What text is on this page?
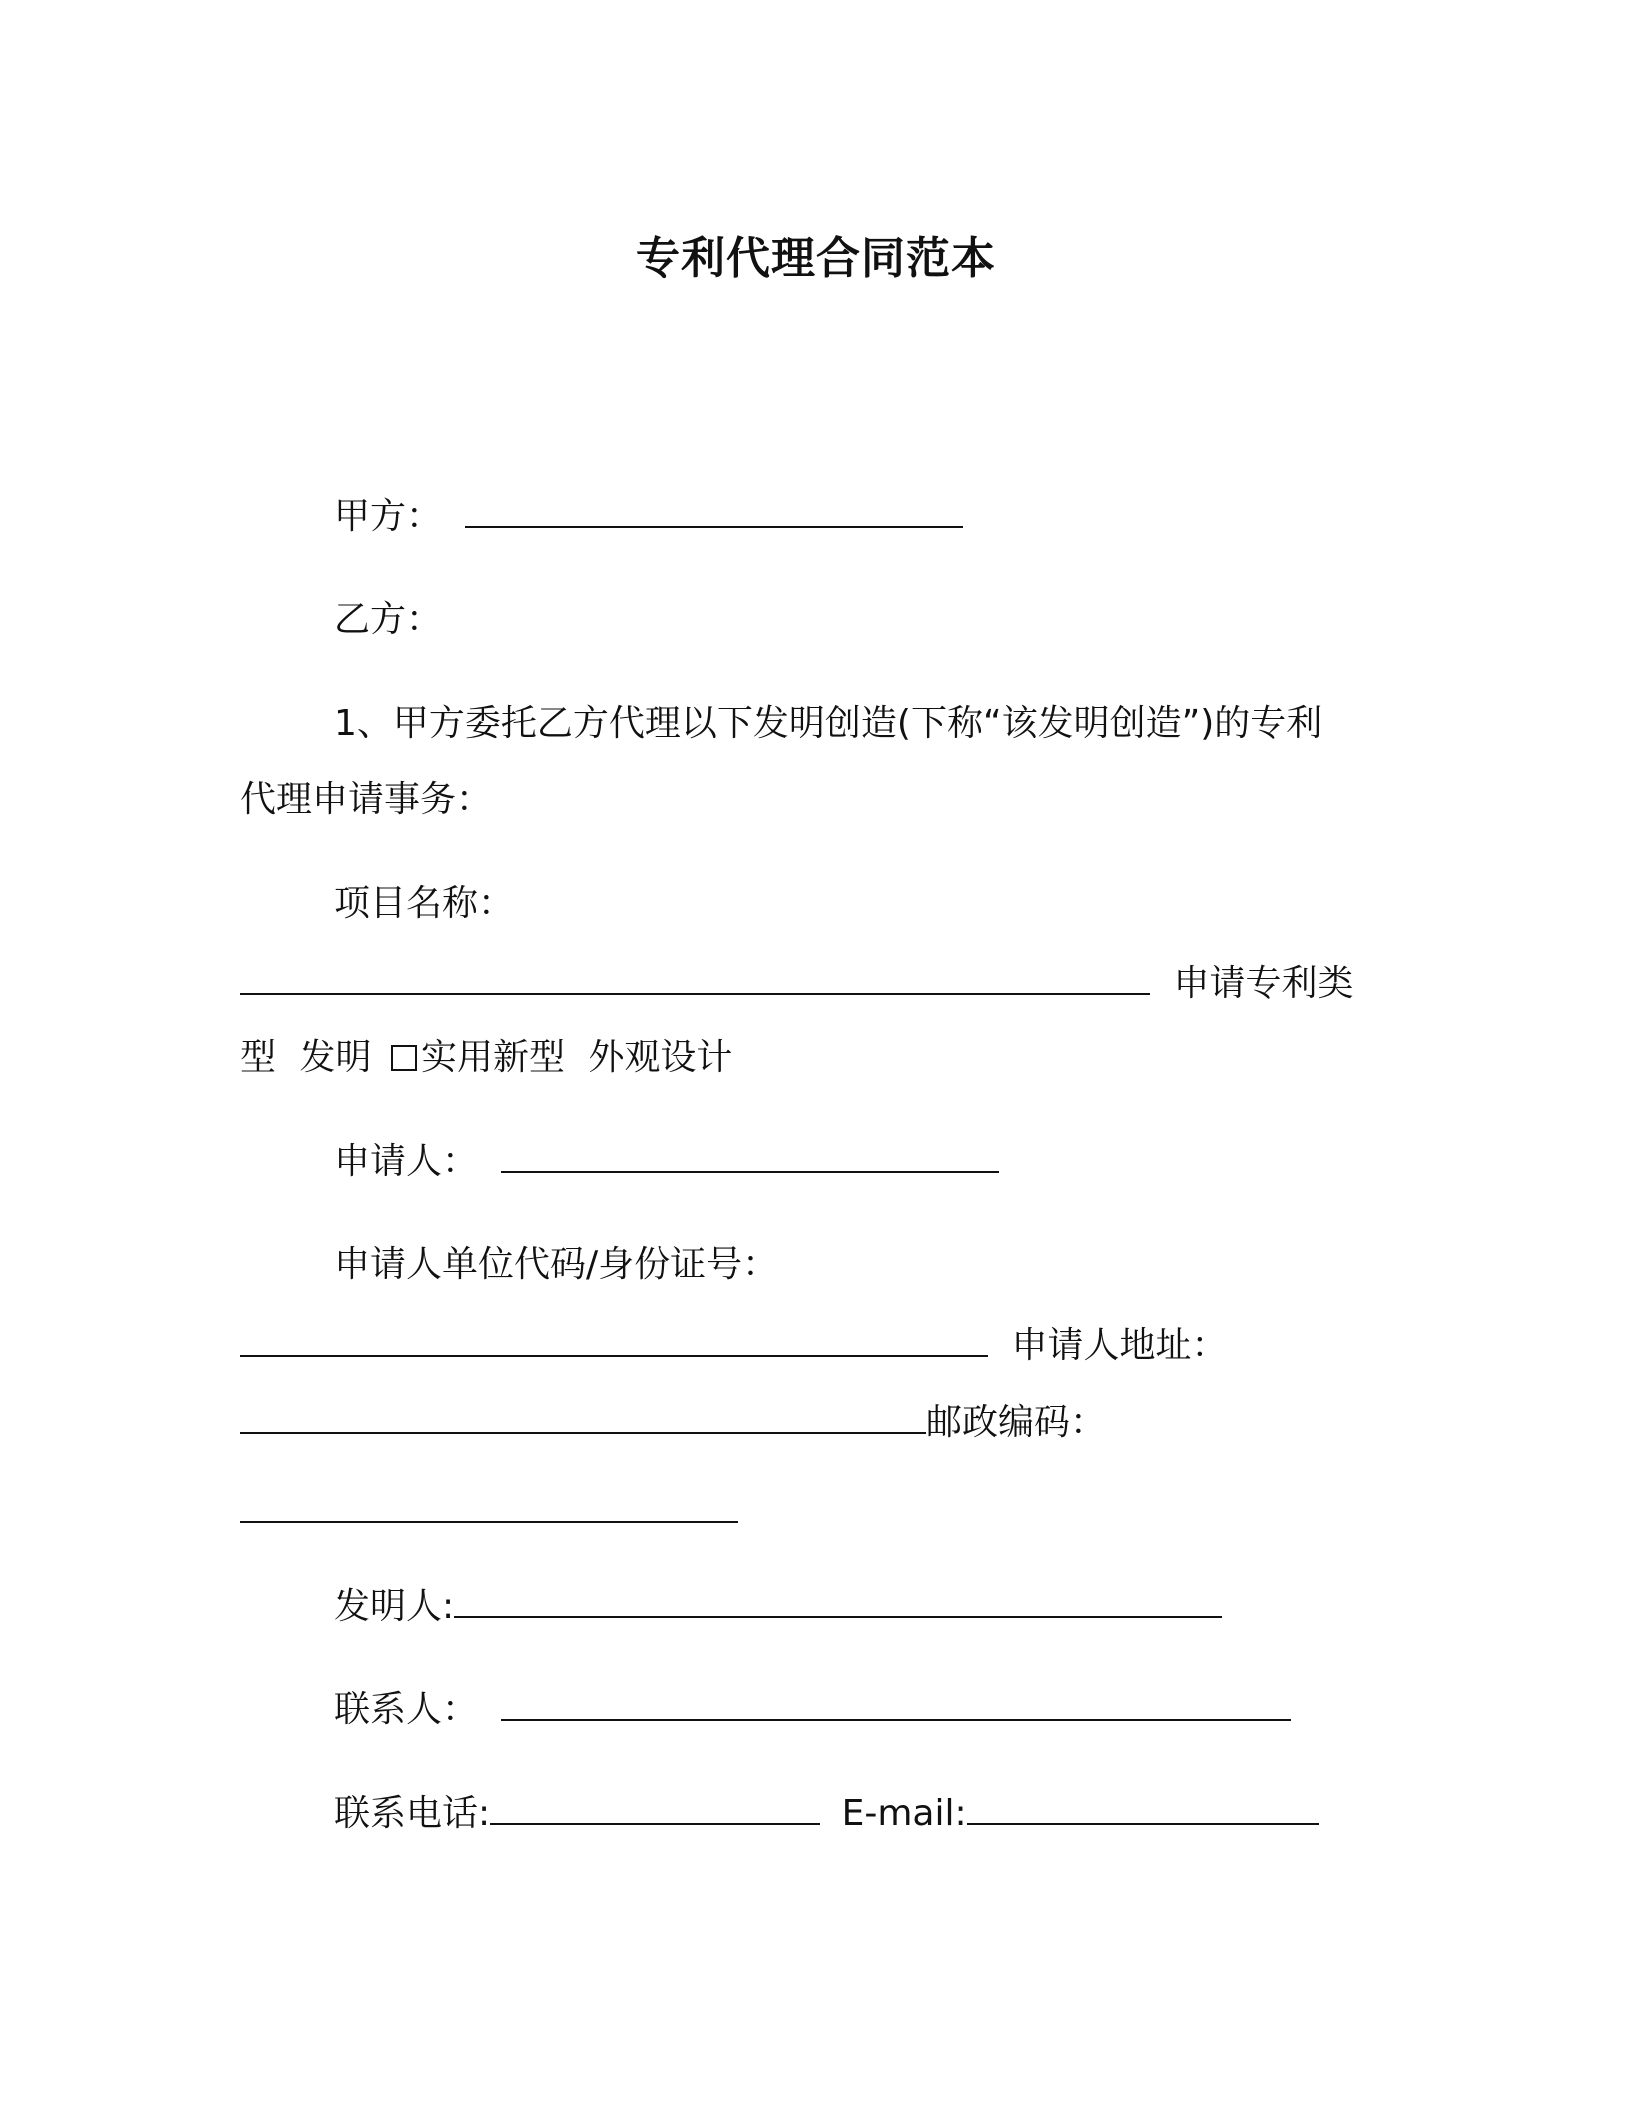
专利代理合同范本
甲方：
乙方：
1、甲方委托乙方代理以下发明创造(下称“该发明创造”)的专利
代理申请事务：
项目名称：
申请专利类
型 发明 实用新型 外观设计
申请人：
申请人单位代码/身份证号：
申请人地址：
邮政编码：
发明人:
联系人：
联系电话:	E-mail:
